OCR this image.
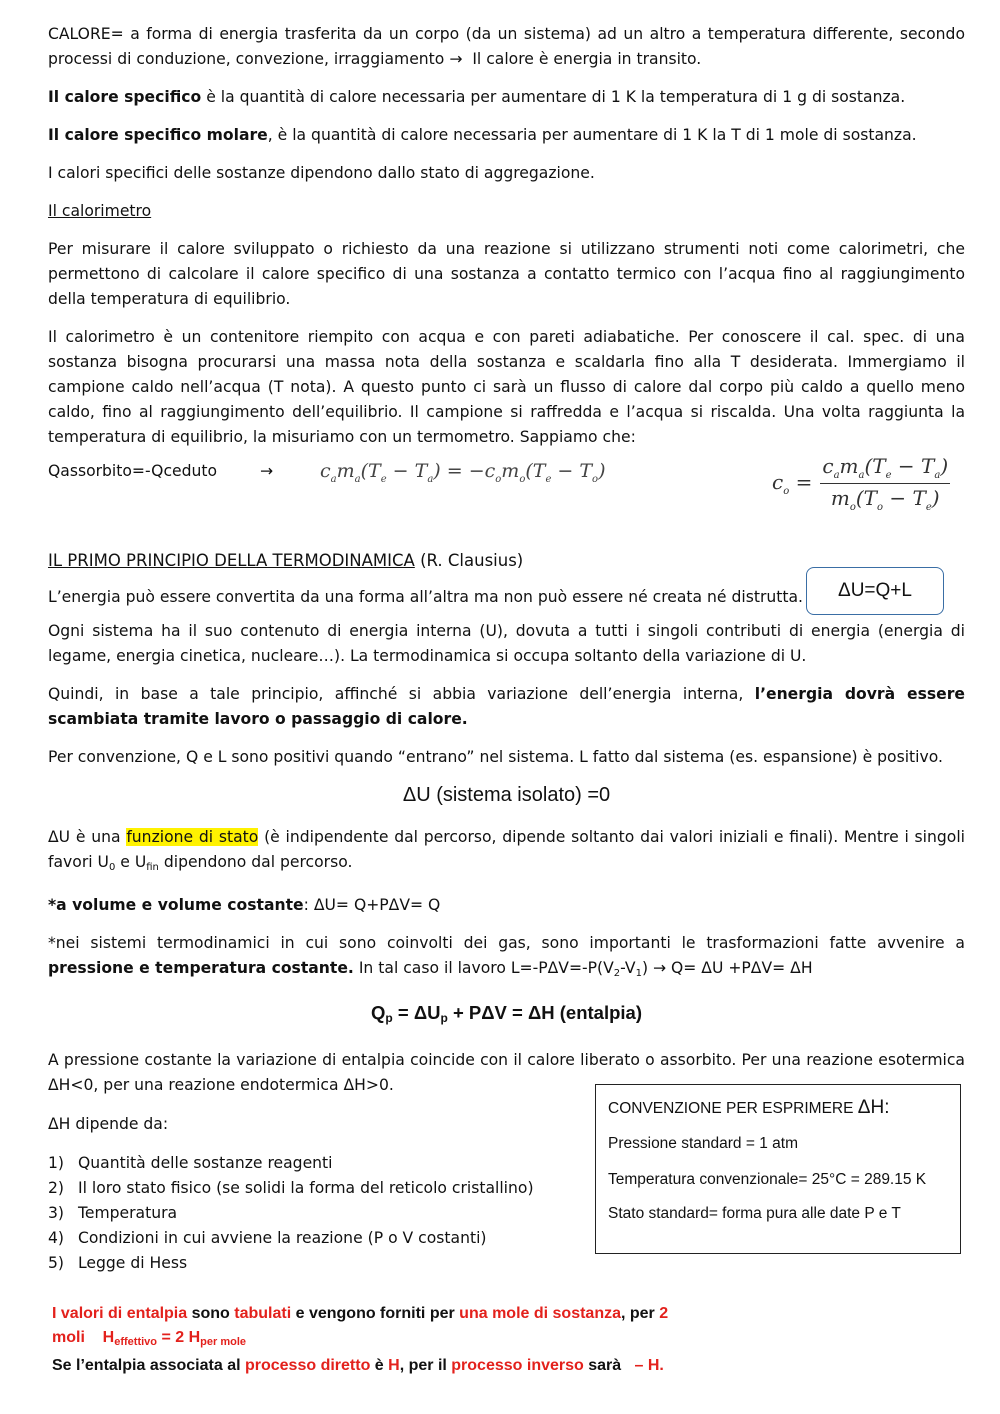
CALORE= a forma di energia trasferita da un corpo (da un sistema) ad un altro a temperatura differente, secondo processi di conduzione, convezione, irraggiamento → Il calore è energia in transito.

Il calore specifico è la quantità di calore necessaria per aumentare di 1 K la temperatura di 1 g di sostanza.

Il calore specifico molare, è la quantità di calore necessaria per aumentare di 1 K la T di 1 mole di sostanza.

I calori specifici delle sostanze dipendono dallo stato di aggregazione.

Il calorimetro

Per misurare il calore sviluppato o richiesto da una reazione si utilizzano strumenti noti come calorimetri, che permettono di calcolare il calore specifico di una sostanza a contatto termico con l’acqua fino al raggiungimento della temperatura di equilibrio.

Il calorimetro è un contenitore riempito con acqua e con pareti adiabatiche. Per conoscere il cal. spec. di una sostanza bisogna procurarsi una massa nota della sostanza e scaldarla fino alla T desiderata. Immergiamo il campione caldo nell’acqua (T nota). A questo punto ci sarà un flusso di calore dal corpo più caldo a quello meno caldo, fino al raggiungimento dell’equilibrio. Il campione si raffredda e l’acqua si riscalda. Una volta raggiunta la temperatura di equilibrio, la misuriamo con un termometro. Sappiamo che:

Qassorbito=-Qceduto	→ $c_am_a(T_e - T_a) = -c_om_o(T_e - T_o)$	$c_o$ =
$c_am_a(T_e - T_a)$
$m_o(T_o - T_e)$

IL PRIMO PRINCIPIO DELLA TERMODINAMICA (R. Clausius)

L’energia può essere convertita da una forma all’altra ma non può essere né creata né distrutta. ΔU=Q+L

Ogni sistema ha il suo contenuto di energia interna (U), dovuta a tutti i singoli contributi di energia (energia di legame, energia cinetica, nucleare…). La termodinamica si occupa soltanto della variazione di U.

Quindi, in base a tale principio, affinché si abbia variazione dell’energia interna, l’energia dovrà essere scambiata tramite lavoro o passaggio di calore.

Per convenzione, Q e L sono positivi quando “entrano” nel sistema. L fatto dal sistema (es. espansione) è positivo.

ΔU (sistema isolato) =0

ΔU è una funzione di stato (è indipendente dal percorso, dipende soltanto dai valori iniziali e finali). Mentre i singoli favori U0 e Ufin dipendono dal percorso.

*a volume e volume costante: ΔU= Q+PΔV= Q

*nei sistemi termodinamici in cui sono coinvolti dei gas, sono importanti le trasformazioni fatte avvenire a pressione e temperatura costante. In tal caso il lavoro L=-PΔV=-P(V2-V1) → Q= ΔU +PΔV= ΔH

Qp = ΔUp + PΔV = ΔH (entalpia)

A pressione costante la variazione di entalpia coincide con il calore liberato o assorbito. Per una reazione esotermica ΔH<0, per una reazione endotermica ΔH>0.

ΔH dipende da:

1) Quantità delle sostanze reagenti
2) Il loro stato fisico (se solidi la forma del reticolo cristallino)
3) Temperatura
4) Condizioni in cui avviene la reazione (P o V costanti)
5) Legge di Hess
CONVENZIONE PER ESPRIMERE ΔH:
Pressione standard = 1 atm
Temperatura convenzionale= 25°C = 289.15 K
Stato standard= forma pura alle date P e T
I valori di entalpia sono tabulati e vengono forniti per una mole di sostanza, per 2
moli Heffettivo = 2 Hper mole
Se l’entalpia associata al processo diretto è H, per il processo inverso sarà   – H.
